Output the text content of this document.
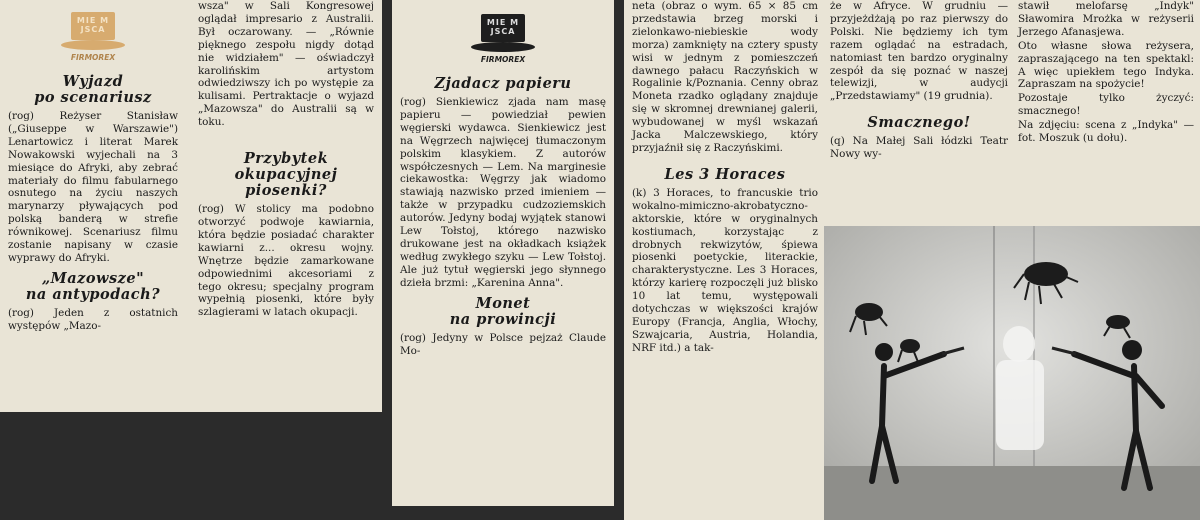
MIE M JSCA
FIRMOREX
Wyjazd
po scenariusz

(rog) Reżyser Stanisław („Giuseppe w Warszawie") Lenartowicz i literat Marek Nowakowski wyjechali na 3 miesiące do Afryki, aby zebrać materiały do filmu fabularnego osnutego na życiu naszych marynarzy pływających pod polską banderą w strefie równikowej. Scenariusz filmu zostanie napisany w czasie wyprawy do Afryki.

„Mazowsze"
na antypodach?

(rog) Jeden z ostatnich występów „Mazo-

wsza" w Sali Kongresowej oglądał impresario z Australii. Był oczarowany. — „Równie pięknego zespołu nigdy dotąd nie widziałem" — oświadczył karolińskim artystom odwiedziwszy ich po występie za kulisami. Pertraktacje o wyjazd „Mazowsza" do Australii są w toku.

Przybytek okupacyjnej piosenki?

(rog) W stolicy ma podobno otworzyć podwoje kawiarnia, która będzie posiadać charakter kawiarni z... okresu wojny. Wnętrze będzie zamarkowane odpowiednimi akcesoriami z tego okresu; specjalny program wypełnią piosenki, które były szlagierami w latach okupacji.

MIE M JSCA
FIRMOREX
Zjadacz papieru

(rog) Sienkiewicz zjada nam masę papieru — powiedział pewien węgierski wydawca. Sienkiewicz jest na Węgrzech najwięcej tłumaczonym polskim klasykiem. Z autorów współczesnych — Lem. Na marginesie ciekawostka: Węgrzy jak wiadomo stawiają nazwisko przed imieniem — także w przypadku cudzoziemskich autorów. Jedyny bodaj wyjątek stanowi Lew Tołstoj, którego nazwisko drukowane jest na okładkach książek według zwykłego szyku — Lew Tołstoj. Ale już tytuł węgierski jego słynnego dzieła brzmi: „Karenina Anna".

Monet
na prowincji

(rog) Jedyny w Polsce pejzaż Claude Mo-

neta (obraz o wym. 65 × 85 cm przedstawia brzeg morski i zielonkawo-niebieskie wody morza) zamknięty na cztery spusty wisi w jednym z pomieszczeń dawnego pałacu Raczyńskich w Rogalinie k/Poznania. Cenny obraz Moneta rzadko oglądany znajduje się w skromnej drewnianej galerii, wybudowanej w myśl wskazań Jacka Malczewskiego, który przyjaźnił się z Raczyńskimi.

Les 3 Horaces

(k) 3 Horaces, to francuskie trio wokalno-mimiczno-akrobatyczno-aktorskie, które w oryginalnych kostiumach, korzystając z drobnych rekwizytów, śpiewa piosenki poetyckie, literackie, charakterystyczne. Les 3 Horaces, którzy karierę rozpoczęli już blisko 10 lat temu, występowali dotychczas w większości krajów Europy (Francja, Anglia, Włochy, Szwajcaria, Austria, Holandia, NRF itd.) a tak-

że w Afryce. W grudniu — przyjeżdżają po raz pierwszy do Polski. Nie będziemy ich tym razem oglądać na estradach, natomiast ten bardzo oryginalny zespół da się poznać w naszej telewizji, w audycji „Przedstawiamy" (19 grudnia).

Smacznego!

(q) Na Małej Sali łódzki Teatr Nowy wy-

stawił melofarsę „Indyk" Sławomira Mrożka w reżyserii Jerzego Afanasjewa.

Oto własne słowa reżysera, zapraszającego na ten spektakl: A więc upiekłem tego Indyka. Zapraszam na spożycie!

Pozostaje tylko życzyć: smacznego!

Na zdjęciu: scena z „Indyka" — fot. Moszuk (u dołu).
